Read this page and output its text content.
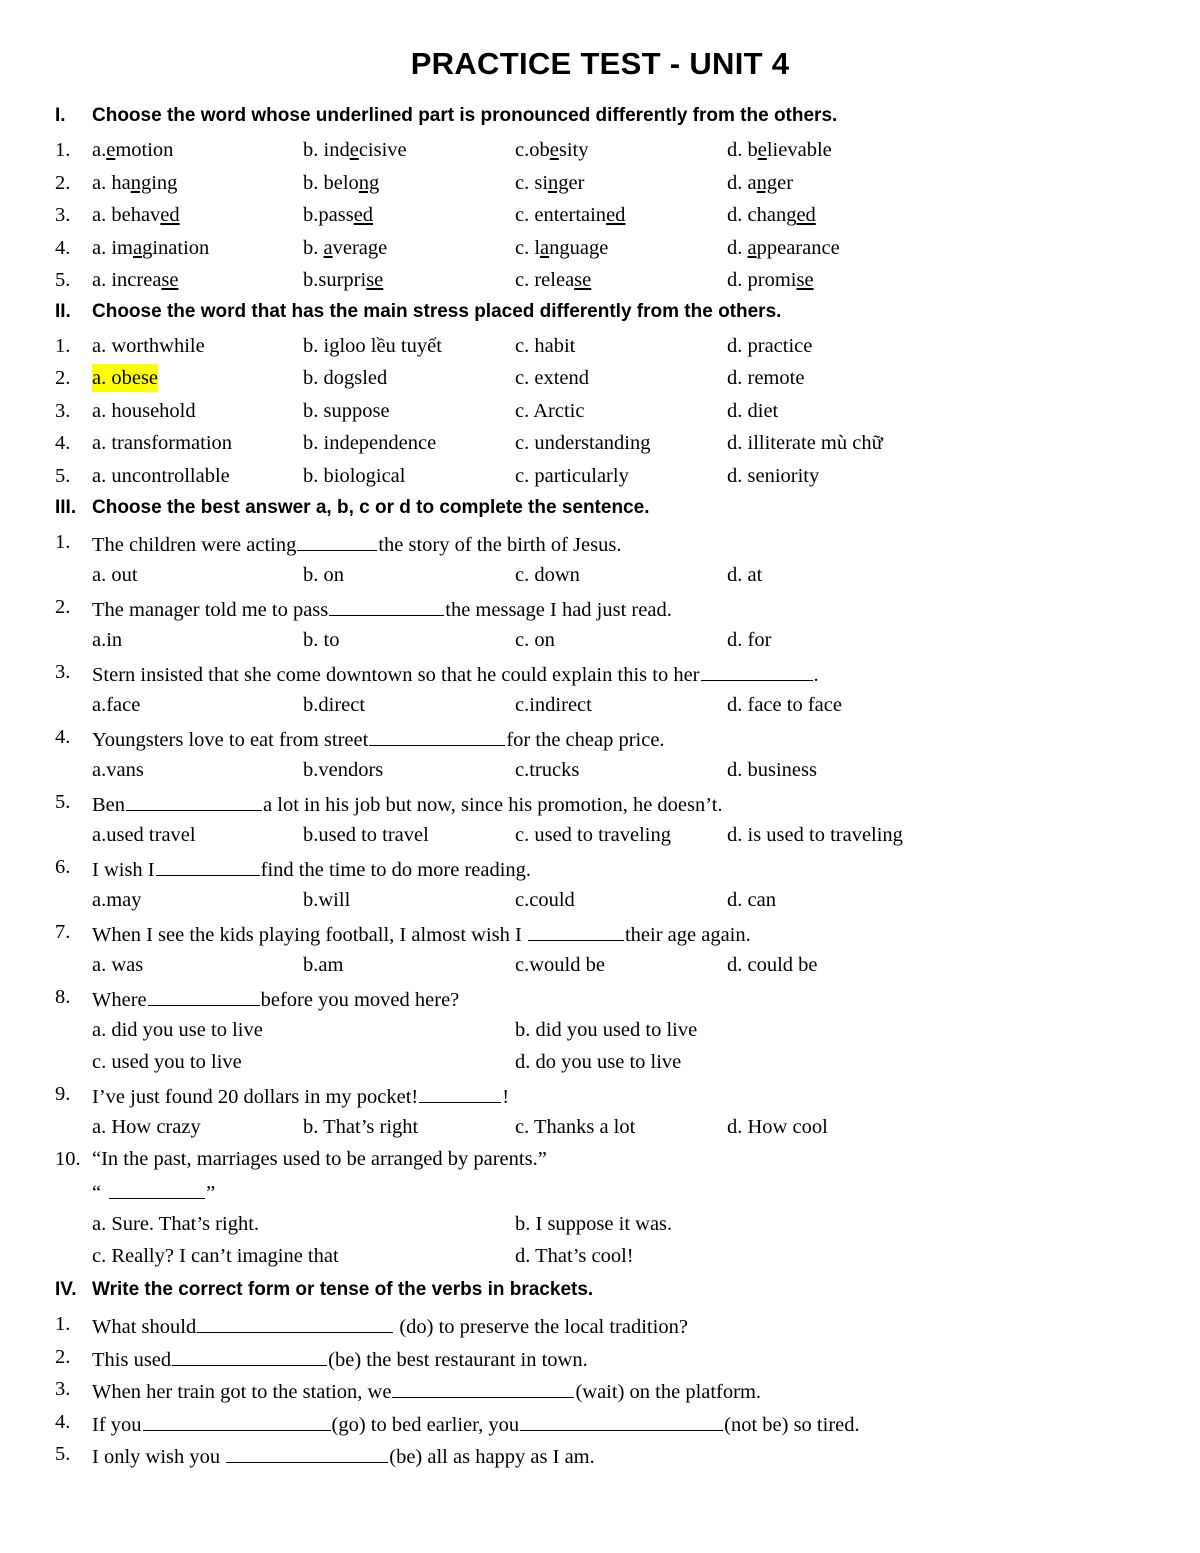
PRACTICE TEST - UNIT 4
I. Choose the word whose underlined part is pronounced differently from the others.
1. a.emotion	b. indecisive	c.obesity	d. believable
2. a. hanging	b. belong	c. singer	d. anger
3. a. behaved	b.passed	c. entertained	d. changed
4. a. imagination	b. average	c. language	d. appearance
5. a. increase	b.surprise	c. release	d. promise
II. Choose the word that has the main stress placed differently from the others.
1. a. worthwhile	b. igloo lều tuyết	c. habit	d. practice
2. a. obese	b. dogsled	c. extend	d. remote
3. a. household	b. suppose	c. Arctic	d. diet
4. a. transformation	b. independence	c. understanding	d. illiterate mù chữ
5. a. uncontrollable	b. biological	c. particularly	d. seniority
III. Choose the best answer a, b, c or d to complete the sentence.
1. The children were acting	the story of the birth of Jesus.
a. out	b. on	c. down	d. at
2. The manager told me to pass	the message I had just read.
a.in	b. to	c. on	d. for
3. Stern insisted that she come downtown so that he could explain this to her	.
a.face	b.direct	c.indirect	d. face to face
4. Youngsters love to eat from street	for the cheap price.
a.vans	b.vendors	c.trucks	d. business
5. Ben	a lot in his job but now, since his promotion, he doesn’t.
a.used travel	b.used to travel	c. used to traveling	d. is used to traveling
6. I wish I	find the time to do more reading.
a.may	b.will	c.could	d. can
7. When I see the kids playing football, I almost wish I	their age again.
a. was	b.am	c.would be	d. could be
8. Where	before you moved here?
a. did you use to live	b. did you used to live
c. used you to live	d. do you use to live
9. I’ve just found 20 dollars in my pocket!	!
a. How crazy	b. That’s right	c. Thanks a lot	d. How cool
10. “In the past, marriages used to be arranged by parents.”
“	”
a. Sure. That’s right.	b. I suppose it was.
c. Really? I can’t imagine that	d. That’s cool!
IV. Write the correct form or tense of the verbs in brackets.
1. What should	(do) to preserve the local tradition?
2. This used	(be) the best restaurant in town.
3. When her train got to the station, we	(wait) on the platform.
4. If you	(go) to bed earlier, you	(not be) so tired.
5. I only wish you	(be) all as happy as I am.
